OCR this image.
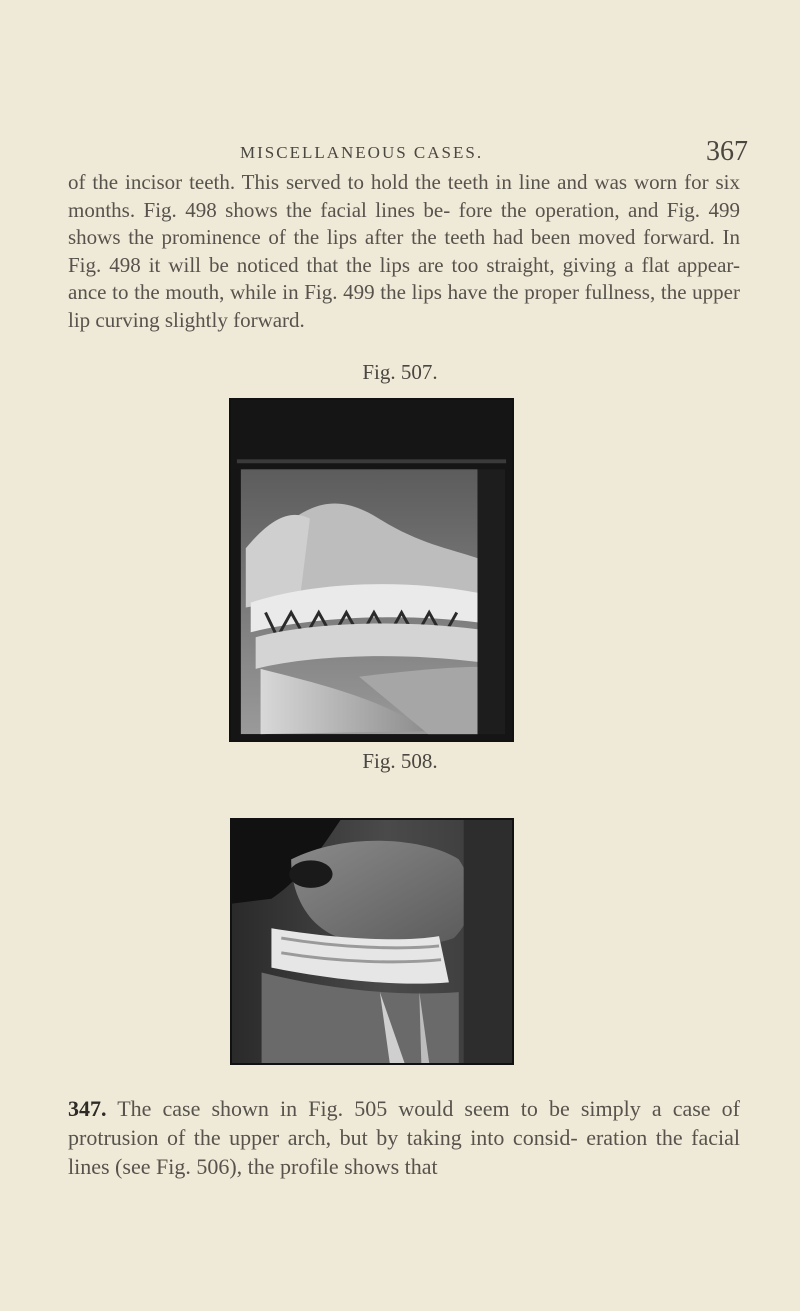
MISCELLANEOUS CASES.	367

of the incisor teeth. This served to hold the teeth in line and was worn for six months. Fig. 498 shows the facial lines be- fore the operation, and Fig. 499 shows the prominence of the lips after the teeth had been moved forward. In Fig. 498 it will be noticed that the lips are too straight, giving a flat appear- ance to the mouth, while in Fig. 499 the lips have the proper fullness, the upper lip curving slightly forward.

Fig. 507.
Fig. 508.

347. The case shown in Fig. 505 would seem to be simply a case of protrusion of the upper arch, but by taking into consid- eration the facial lines (see Fig. 506), the profile shows that
